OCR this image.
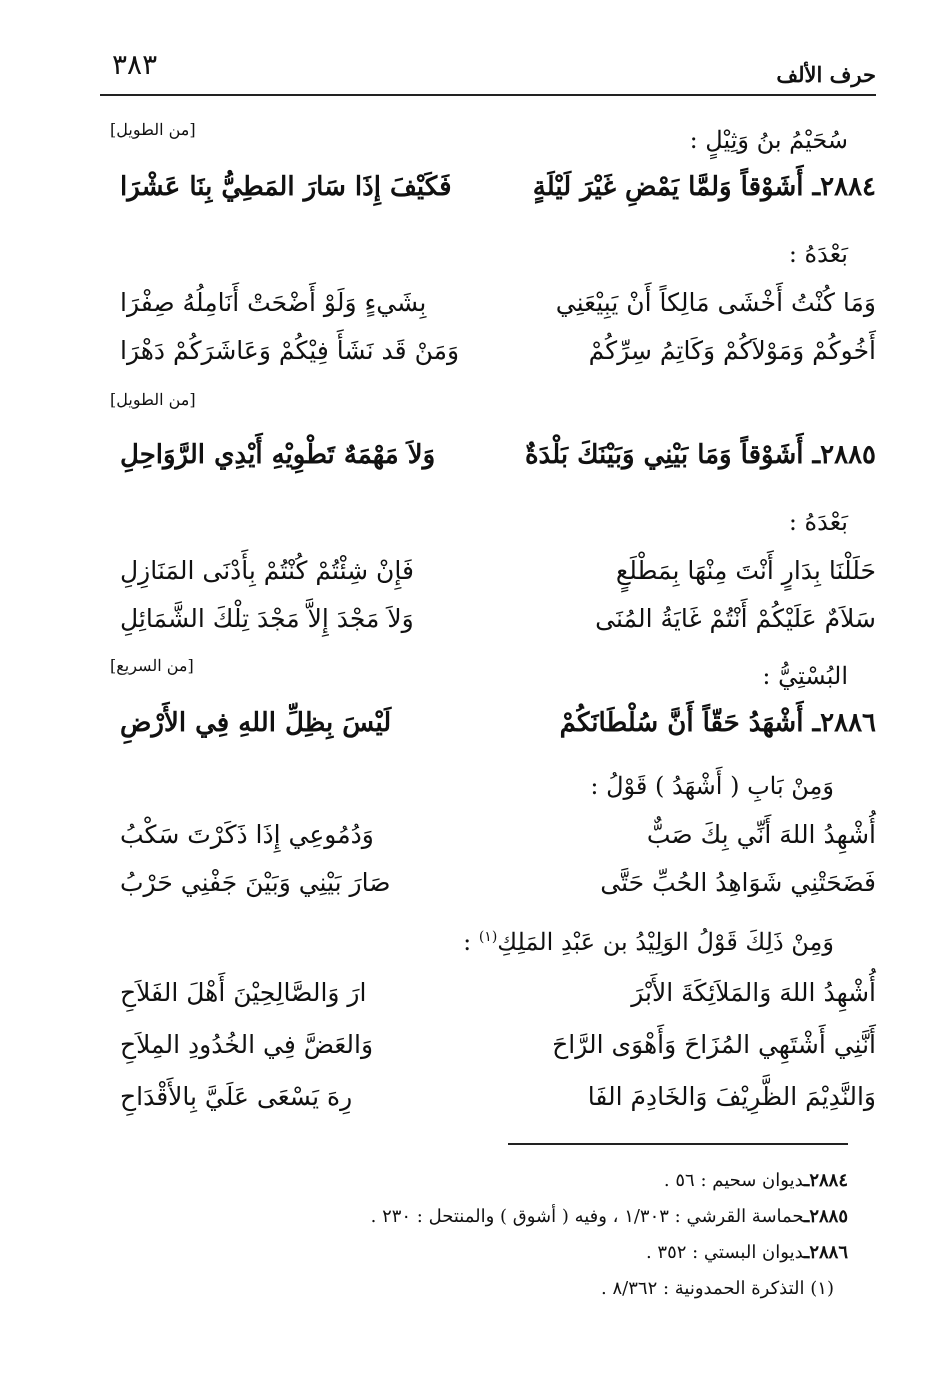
حرف الألف
٣٨٣
[من الطويل]	سُحَيْمُ بنُ وَثِيْلٍ :
٢٨٨٤ـ أَشَوْقاً وَلمَّا يَمْضِ غَيْرَ لَيْلَةٍ
فَكَيْفَ إِذَا سَارَ المَطِيُّ بِنَا عَشْرَا
بَعْدَهُ :
وَمَا كُنْتُ أَخْشَى مَالِكاً أَنْ يَبِيْعَنِي
بِشَيءٍ وَلَوْ أَضْحَتْ أَنَامِلُهُ صِفْرَا
أَخُوكُمْ وَمَوْلاَكُمْ وَكَاتِمُ سِرِّكُمْ
وَمَنْ قَد نَشَأَ فِيْكُمْ وَعَاشَرَكُمْ دَهْرَا
[من الطويل]
٢٨٨٥ـ أَشَوْقاً وَمَا بَيْنِي وَبَيْنَكَ بَلْدَةٌ
وَلاَ مَهْمَهٌ تَطْوِيْهِ أَيْدِي الرَّوَاحِلِ
بَعْدَهُ :
حَلَلْنَا بِدَارٍ أَنْتَ مِنْهَا بِمَطْلَعٍ
فَإِنْ شِئْتُمْ كُنْتُمْ بِأَدْنَى المَنَازِلِ
سَلاَمٌ عَلَيْكُمْ أَنْتُمْ غَايَةُ المُنَى
وَلاَ مَجْدَ إِلاَّ مَجْدَ تِلْكَ الشَّمَائِلِ
[من السريع]	البُسْتِيُّ :
٢٨٨٦ـ أَشْهَدُ حَقّاً أَنَّ سُلْطَانَكُمْ
لَيْسَ بِظِلِّ اللهِ فِي الأَرْضِ
وَمِنْ بَابِ ( أَشْهَدُ ) قَوْلُ :
أُشْهِدُ اللهَ أَنِّي بِكَ صَبٌّ
وَدُمُوعِي إِذَا ذَكَرْتَ سَكْبُ
فَضَحَتْنِي شَوَاهِدُ الحُبِّ حَتَّى
صَارَ بَيْنِي وَبَيْنَ جَفْنِي حَرْبُ
وَمِنْ ذَلِكَ قَوْلُ الوَلِيْدُ بن عَبْدِ المَلِكِ$^{(١)}$ :
أُشْهِدُ اللهَ وَالمَلاَئِكَةَ الأَبْرَ
ارَ وَالصَّالِحِيْنَ أَهْلَ الفَلاَحِ
أَنَّنِي أَشْتَهِي المُزَاحَ وَأَهْوَى الرَّاحَ
وَالعَضَّ فِي الخُدُودِ المِلاَحِ
وَالنَّدِيْمَ الظَّرِيْفَ وَالخَادِمَ الفَا
رِهَ يَسْعَى عَلَيَّ بِالأَقْدَاحِ
٢٨٨٤ـديوان سحيم : ٥٦ .
٢٨٨٥ـحماسة القرشي : ١/٣٠٣ ، وفيه ( أشوق ) والمنتحل : ٢٣٠ .
٢٨٨٦ـديوان البستي : ٣٥٢ .
(١) التذكرة الحمدونية : ٨/٣٦٢ .
